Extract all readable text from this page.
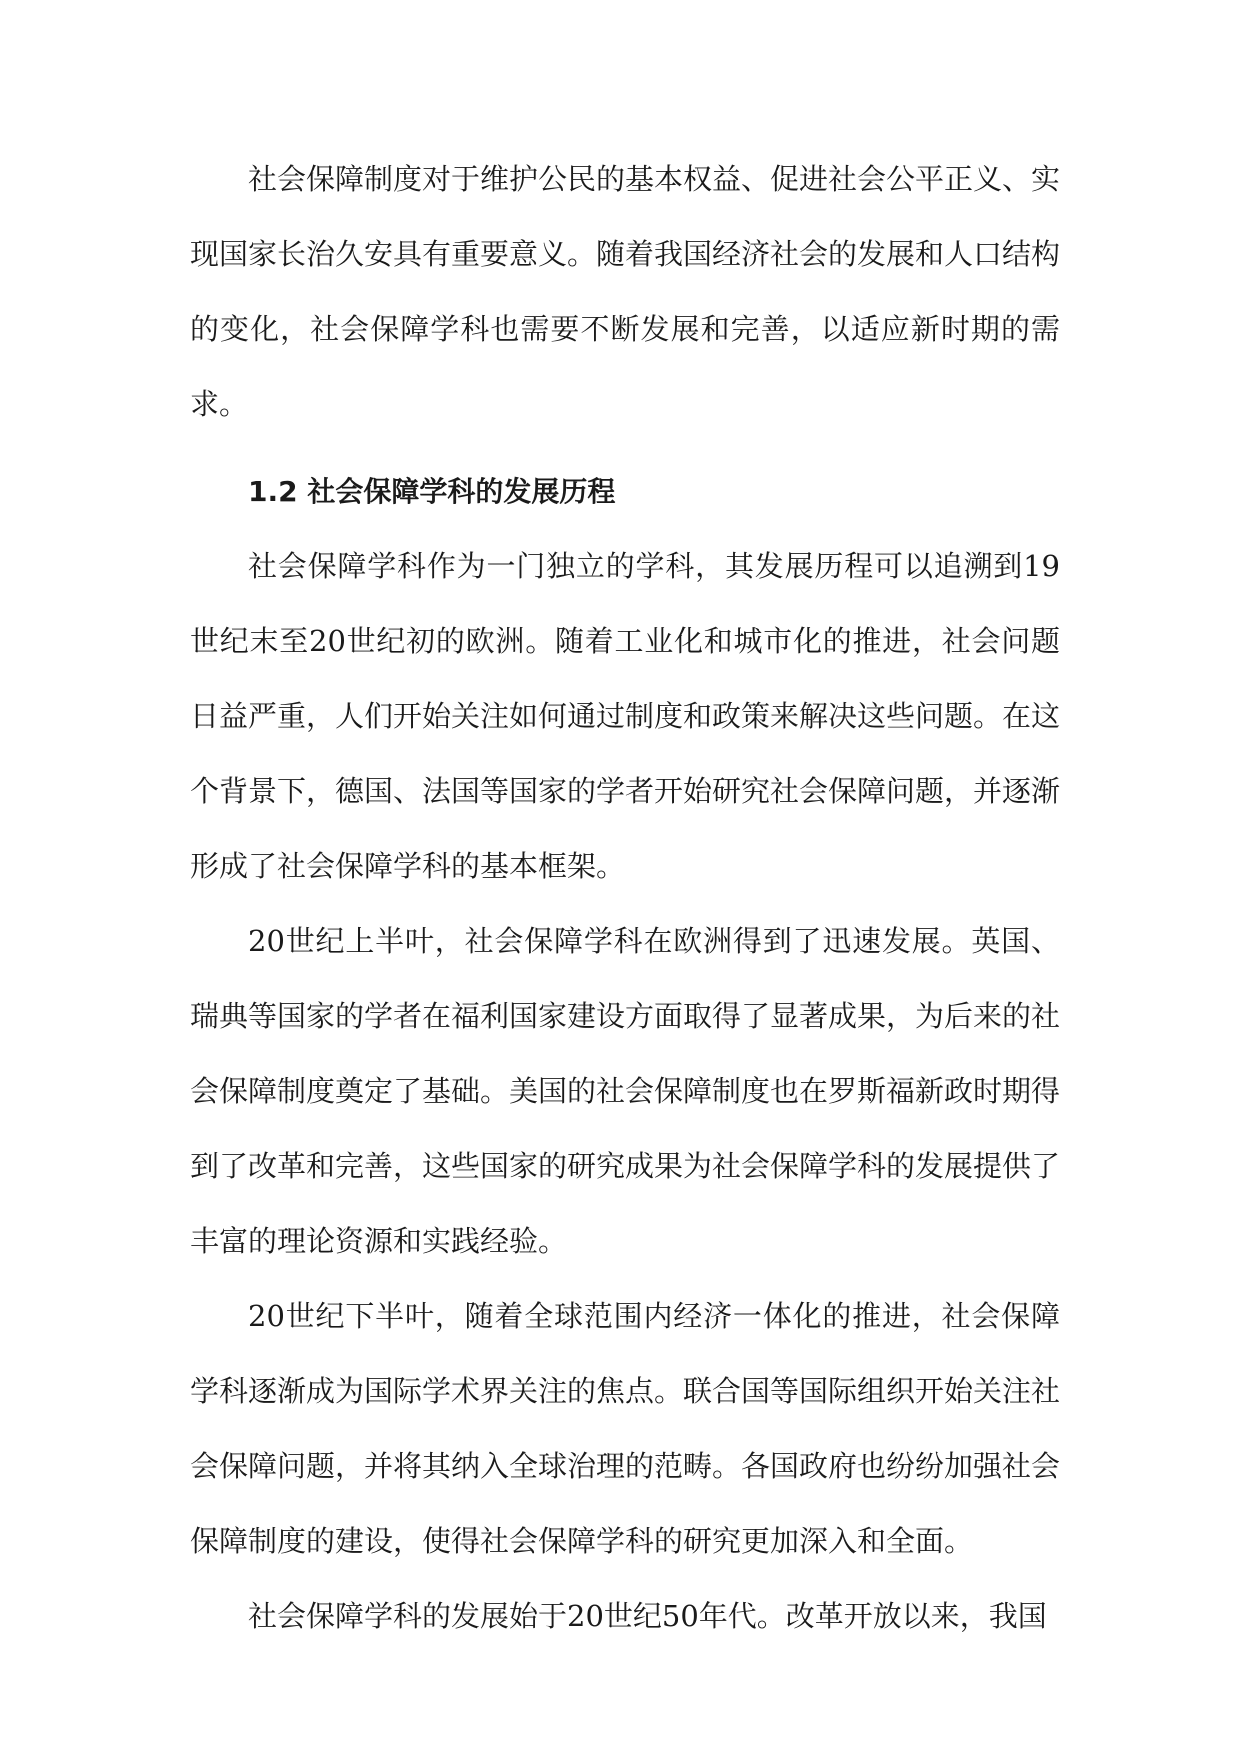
社会保障制度对于维护公民的基本权益、促进社会公平正义、实现国家长治久安具有重要意义。随着我国经济社会的发展和人口结构的变化，社会保障学科也需要不断发展和完善，以适应新时期的需求。

1.2 社会保障学科的发展历程

社会保障学科作为一门独立的学科，其发展历程可以追溯到19世纪末至20世纪初的欧洲。随着工业化和城市化的推进，社会问题日益严重，人们开始关注如何通过制度和政策来解决这些问题。在这个背景下，德国、法国等国家的学者开始研究社会保障问题，并逐渐形成了社会保障学科的基本框架。

20世纪上半叶，社会保障学科在欧洲得到了迅速发展。英国、瑞典等国家的学者在福利国家建设方面取得了显著成果，为后来的社会保障制度奠定了基础。美国的社会保障制度也在罗斯福新政时期得到了改革和完善，这些国家的研究成果为社会保障学科的发展提供了丰富的理论资源和实践经验。

20世纪下半叶，随着全球范围内经济一体化的推进，社会保障学科逐渐成为国际学术界关注的焦点。联合国等国际组织开始关注社会保障问题，并将其纳入全球治理的范畴。各国政府也纷纷加强社会保障制度的建设，使得社会保障学科的研究更加深入和全面。

社会保障学科的发展始于20世纪50年代。改革开放以来，我国
